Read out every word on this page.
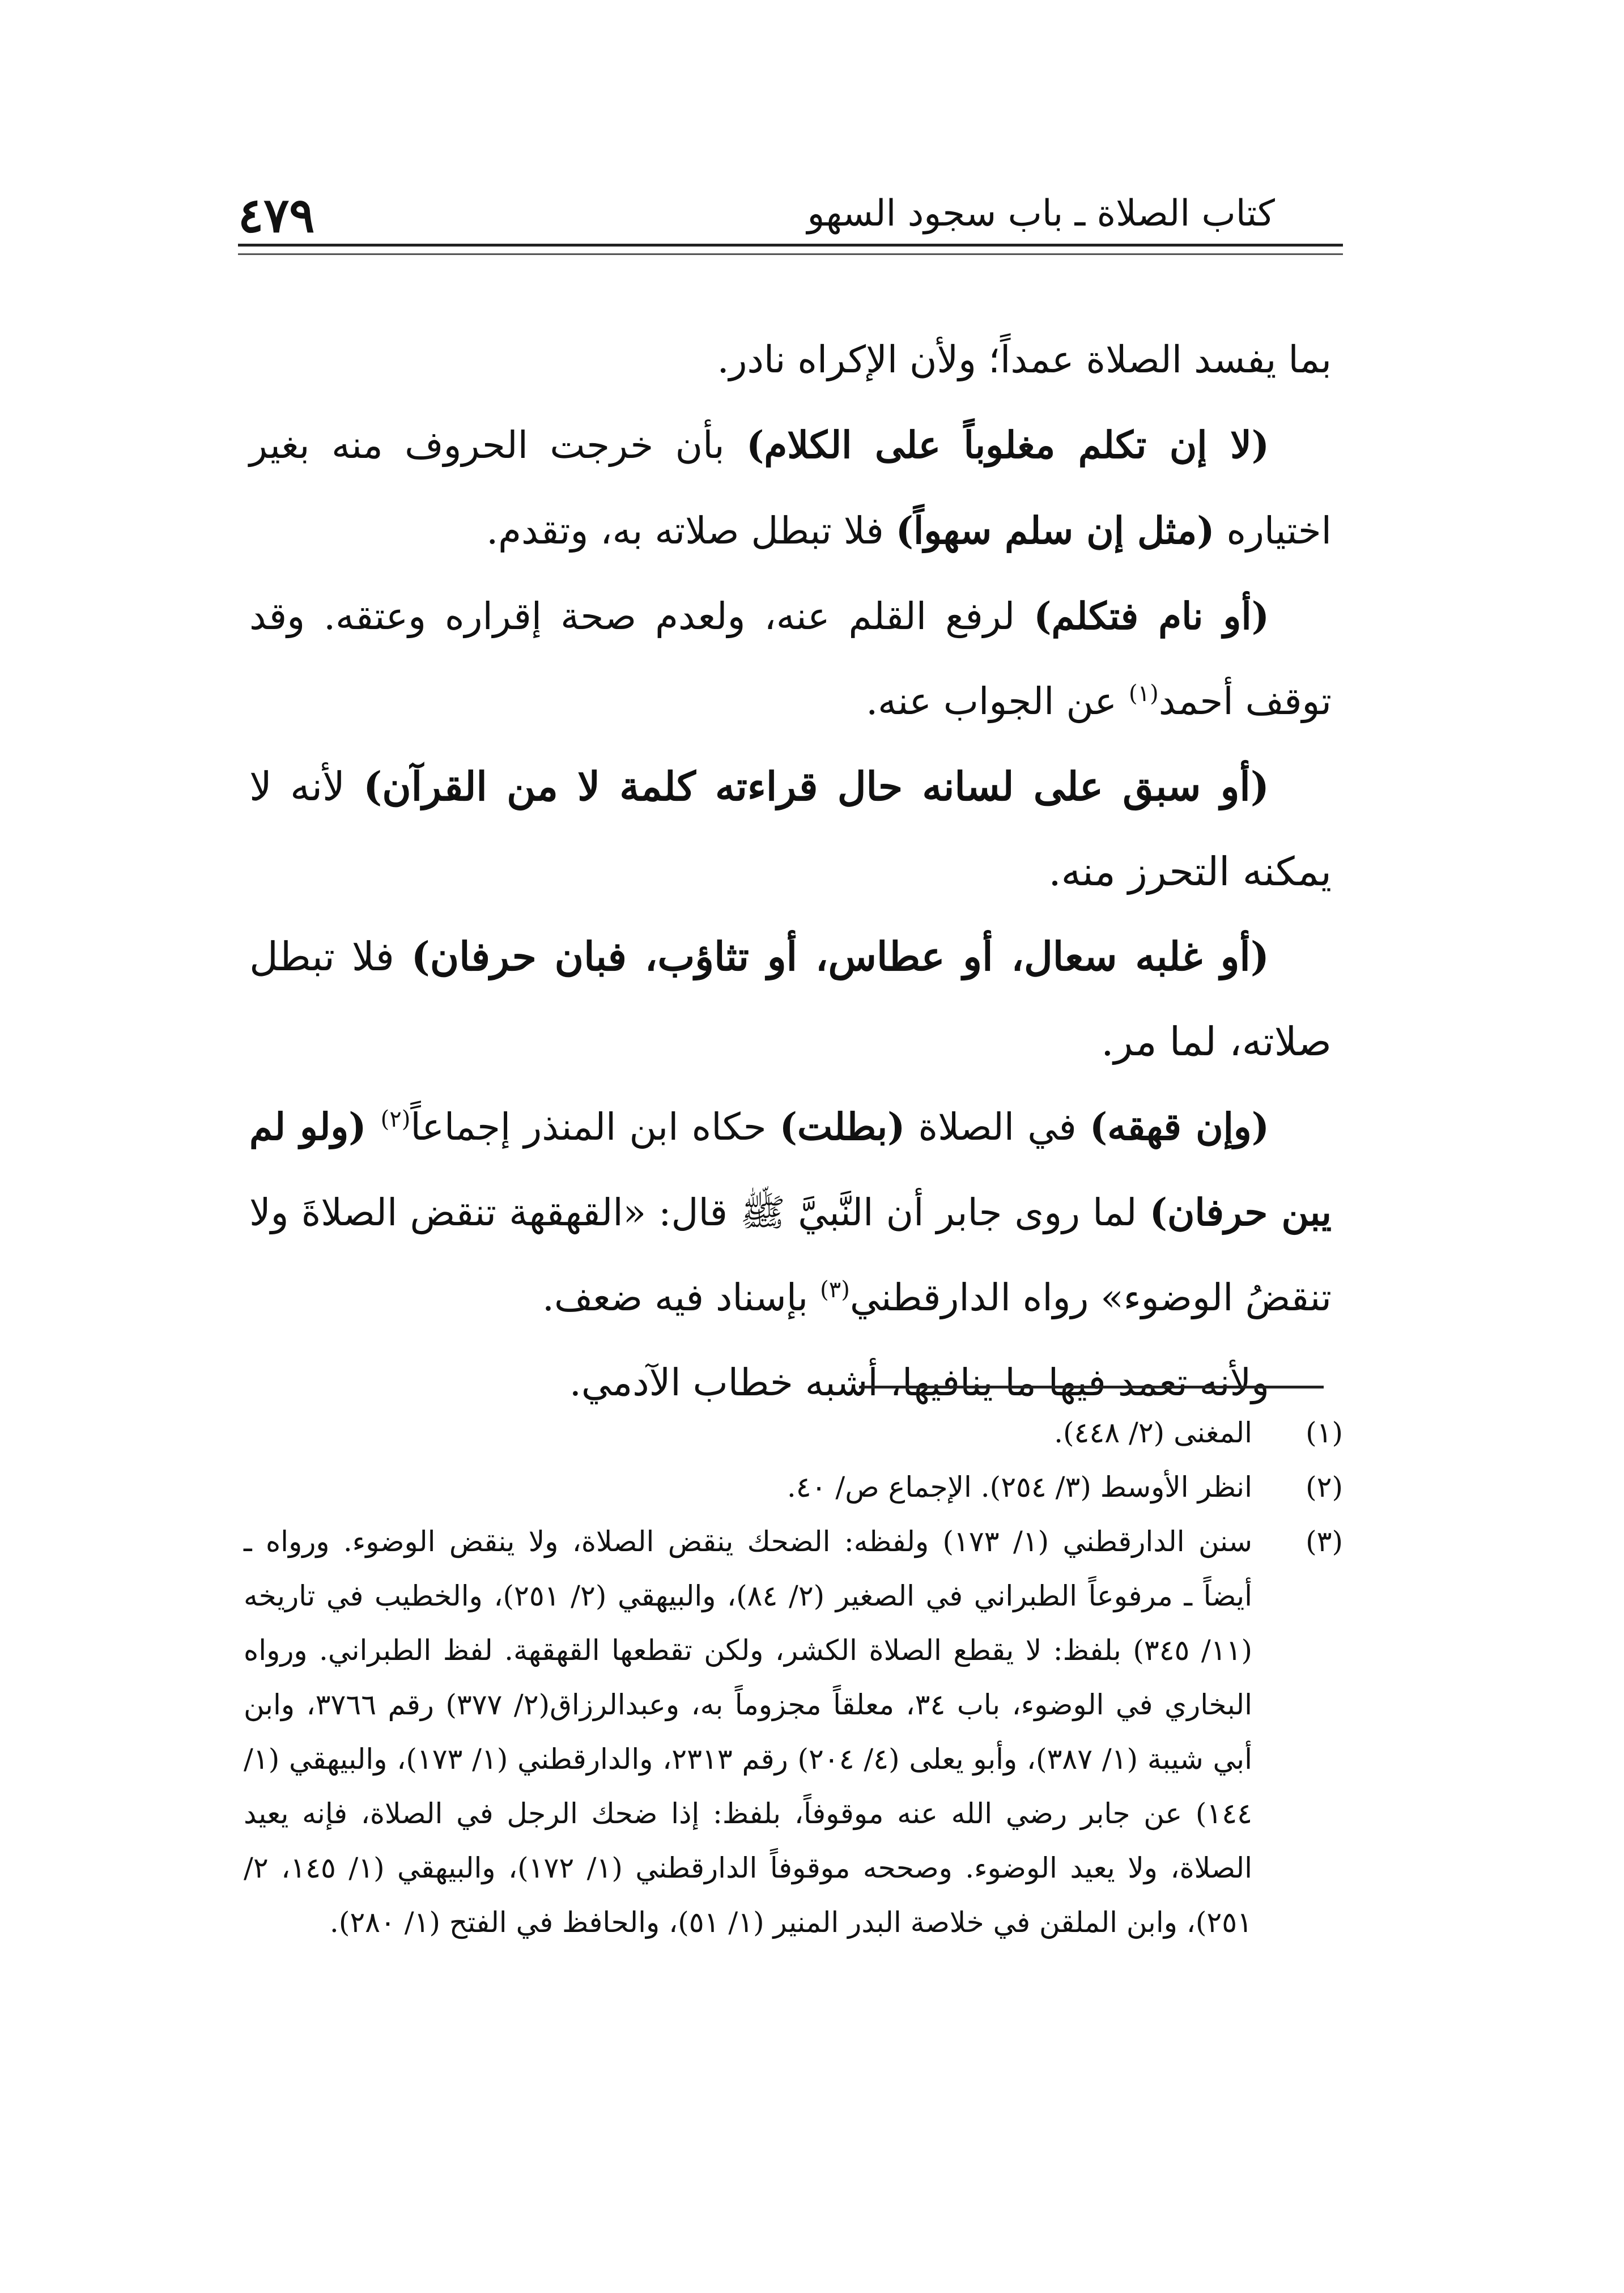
٤٧٩	كتاب الصلاة ـ باب سجود السهو

بما يفسد الصلاة عمداً؛ ولأن الإكراه نادر.

(لا إن تكلم مغلوباً على الكلام) بأن خرجت الحروف منه بغير اختياره (مثل إن سلم سهواً) فلا تبطل صلاته به، وتقدم.

(أو نام فتكلم) لرفع القلم عنه، ولعدم صحة إقراره وعتقه. وقد توقف أحمد$^{(١)}$ عن الجواب عنه.

(أو سبق على لسانه حال قراءته كلمة لا من القرآن) لأنه لا يمكنه التحرز منه.

(أو غلبه سعال، أو عطاس، أو تثاؤب، فبان حرفان) فلا تبطل صلاته، لما مر.

(وإن قهقه) في الصلاة (بطلت) حكاه ابن المنذر إجماعاً$^{(٢)}$ (ولو لم يبن حرفان) لما روى جابر أن النَّبيَّ ﷺ قال: «القهقهة تنقض الصلاةَ ولا تنقضُ الوضوء» رواه الدارقطني$^{(٣)}$ بإسناد فيه ضعف.

ولأنه تعمد فيها ما ينافيها، أشبه خطاب الآدمي.

(١)
المغنى (٢/ ٤٤٨).

(٢)
انظر الأوسط (٣/ ٢٥٤). الإجماع ص/ ٤٠.

(٣)
سنن الدارقطني (١/ ١٧٣) ولفظه: الضحك ينقض الصلاة، ولا ينقض الوضوء. ورواه ـ أيضاً ـ مرفوعاً الطبراني في الصغير (٢/ ٨٤)، والبيهقي (٢/ ٢٥١)، والخطيب في تاريخه (١١/ ٣٤٥) بلفظ: لا يقطع الصلاة الكشر، ولكن تقطعها القهقهة. لفظ الطبراني. ورواه البخاري في الوضوء، باب ٣٤، معلقاً مجزوماً به، وعبدالرزاق(٢/ ٣٧٧) رقم ٣٧٦٦، وابن أبي شيبة (١/ ٣٨٧)، وأبو يعلى (٤/ ٢٠٤) رقم ٢٣١٣، والدارقطني (١/ ١٧٣)، والبيهقي (١/ ١٤٤) عن جابر رضي الله عنه موقوفاً، بلفظ: إذا ضحك الرجل في الصلاة، فإنه يعيد الصلاة، ولا يعيد الوضوء. وصححه موقوفاً الدارقطني (١/ ١٧٢)، والبيهقي (١/ ١٤٥، ٢/ ٢٥١)، وابن الملقن في خلاصة البدر المنير (١/ ٥١)، والحافظ في الفتح (١/ ٢٨٠).
